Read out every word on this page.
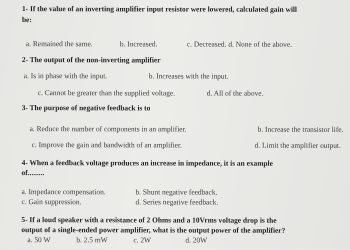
1- If the value of an inverting amplifier input resistor were lowered, calculated gain will
be:
a. Remained the same.	b. Increased.	c. Decreased. d. None of the above.
2- The output of the non-inverting amplifier
a. Is in phase with the input.	b. Increases with the input.
c. Cannot be greater than the supplied voltage.	d. All of the above.
3- The purpose of negative feedback is to
a. Reduce the number of components in an amplifier.	b. Increase the transistor life.
c. Improve the gain and bandwidth of an amplifier.	d. Limit the amplifier output.
4- When a feedback voltage produces an increase in impedance, it is an example
of.........
a. Impedance compensation.	b. Shunt negative feedback.
c. Gain suppression.	d. Series negative feedback.
5- If a loud speaker with a resistance of 2 Ohms and a 10Vrms voltage drop is the
output of a single-ended power amplifier, what is the output power of the amplifier?
a. 50 W	b. 2.5 mW	c. 2W	d. 20W
